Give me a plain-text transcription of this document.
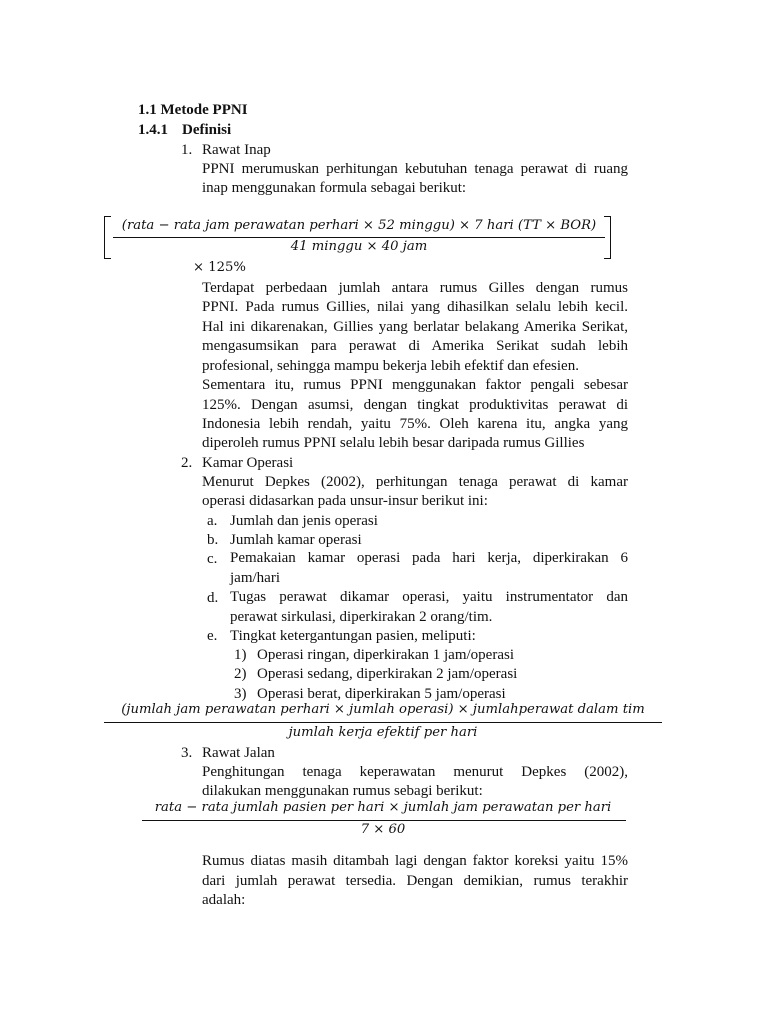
1.1 Metode PPNI
1.4.1 Definisi
1. Rawat Inap
PPNI merumuskan perhitungan kebutuhan tenaga perawat di ruang
inap menggunakan formula sebagai berikut:
(rata − rata jam perawatan perhari × 52 minggu) × 7 hari (TT × BOR)
41 minggu × 40 jam
× 125%
Terdapat perbedaan jumlah antara rumus Gilles dengan rumus
PPNI. Pada rumus Gillies, nilai yang dihasilkan selalu lebih kecil.
Hal ini dikarenakan, Gillies yang berlatar belakang Amerika Serikat,
mengasumsikan para perawat di Amerika Serikat sudah lebih
profesional, sehingga mampu bekerja lebih efektif dan efesien.
Sementara itu, rumus PPNI menggunakan faktor pengali sebesar
125%. Dengan asumsi, dengan tingkat produktivitas perawat di
Indonesia lebih rendah, yaitu 75%. Oleh karena itu, angka yang
diperoleh rumus PPNI selalu lebih besar daripada rumus Gillies
2. Kamar Operasi
Menurut Depkes (2002), perhitungan tenaga perawat di kamar
operasi didasarkan pada unsur-insur berikut ini:
a. Jumlah dan jenis operasi
b. Jumlah kamar operasi
c. Pemakaian kamar operasi pada hari kerja, diperkirakan 6
jam/hari
d. Tugas perawat dikamar operasi, yaitu instrumentator dan
perawat sirkulasi, diperkirakan 2 orang/tim.
e. Tingkat ketergantungan pasien, meliputi:
1) Operasi ringan, diperkirakan 1 jam/operasi
2) Operasi sedang, diperkirakan 2 jam/operasi
3) Operasi berat, diperkirakan 5 jam/operasi
(jumlah jam perawatan perhari × jumlah operasi) × jumlahperawat dalam tim
jumlah kerja efektif per hari
3. Rawat Jalan
Penghitungan tenaga keperawatan menurut Depkes (2002),
dilakukan menggunakan rumus sebagi berikut:
rata − rata jumlah pasien per hari × jumlah jam perawatan per hari
7 × 60
Rumus diatas masih ditambah lagi dengan faktor koreksi yaitu 15%
dari jumlah perawat tersedia. Dengan demikian, rumus terakhir
adalah:
